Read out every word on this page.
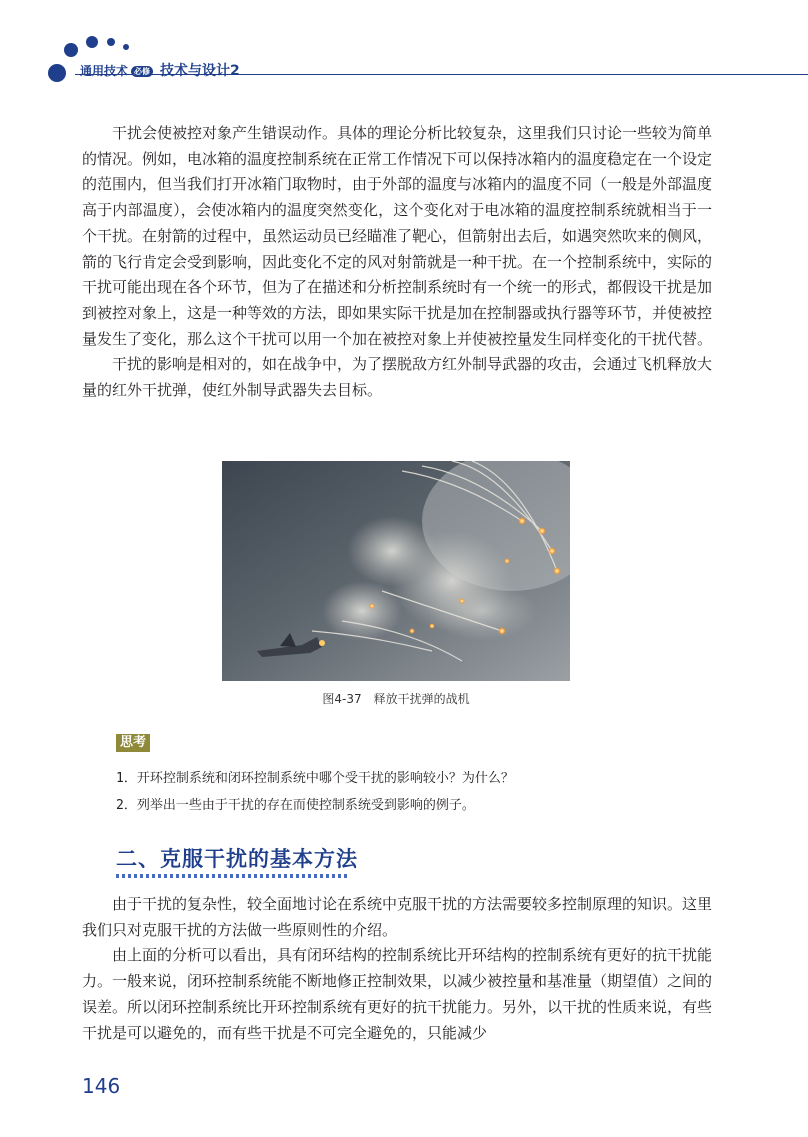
通用技术 必修 技术与设计2

干扰会使被控对象产生错误动作。具体的理论分析比较复杂，这里我们只讨论一些较为简单的情况。例如，电冰箱的温度控制系统在正常工作情况下可以保持冰箱内的温度稳定在一个设定的范围内，但当我们打开冰箱门取物时，由于外部的温度与冰箱内的温度不同（一般是外部温度高于内部温度），会使冰箱内的温度突然变化，这个变化对于电冰箱的温度控制系统就相当于一个干扰。在射箭的过程中，虽然运动员已经瞄准了靶心，但箭射出去后，如遇突然吹来的侧风，箭的飞行肯定会受到影响，因此变化不定的风对射箭就是一种干扰。在一个控制系统中，实际的干扰可能出现在各个环节，但为了在描述和分析控制系统时有一个统一的形式，都假设干扰是加到被控对象上，这是一种等效的方法，即如果实际干扰是加在控制器或执行器等环节，并使被控量发生了变化，那么这个干扰可以用一个加在被控对象上并使被控量发生同样变化的干扰代替。

干扰的影响是相对的，如在战争中，为了摆脱敌方红外制导武器的攻击，会通过飞机释放大量的红外干扰弹，使红外制导武器失去目标。

图4-37　释放干扰弹的战机
思考
1．开环控制系统和闭环控制系统中哪个受干扰的影响较小？为什么？
2．列举出一些由于干扰的存在而使控制系统受到影响的例子。
二、克服干扰的基本方法

由于干扰的复杂性，较全面地讨论在系统中克服干扰的方法需要较多控制原理的知识。这里我们只对克服干扰的方法做一些原则性的介绍。

由上面的分析可以看出，具有闭环结构的控制系统比开环结构的控制系统有更好的抗干扰能力。一般来说，闭环控制系统能不断地修正控制效果，以减少被控量和基准量（期望值）之间的误差。所以闭环控制系统比开环控制系统有更好的抗干扰能力。另外，以干扰的性质来说，有些干扰是可以避免的，而有些干扰是不可完全避免的，只能减少

146
